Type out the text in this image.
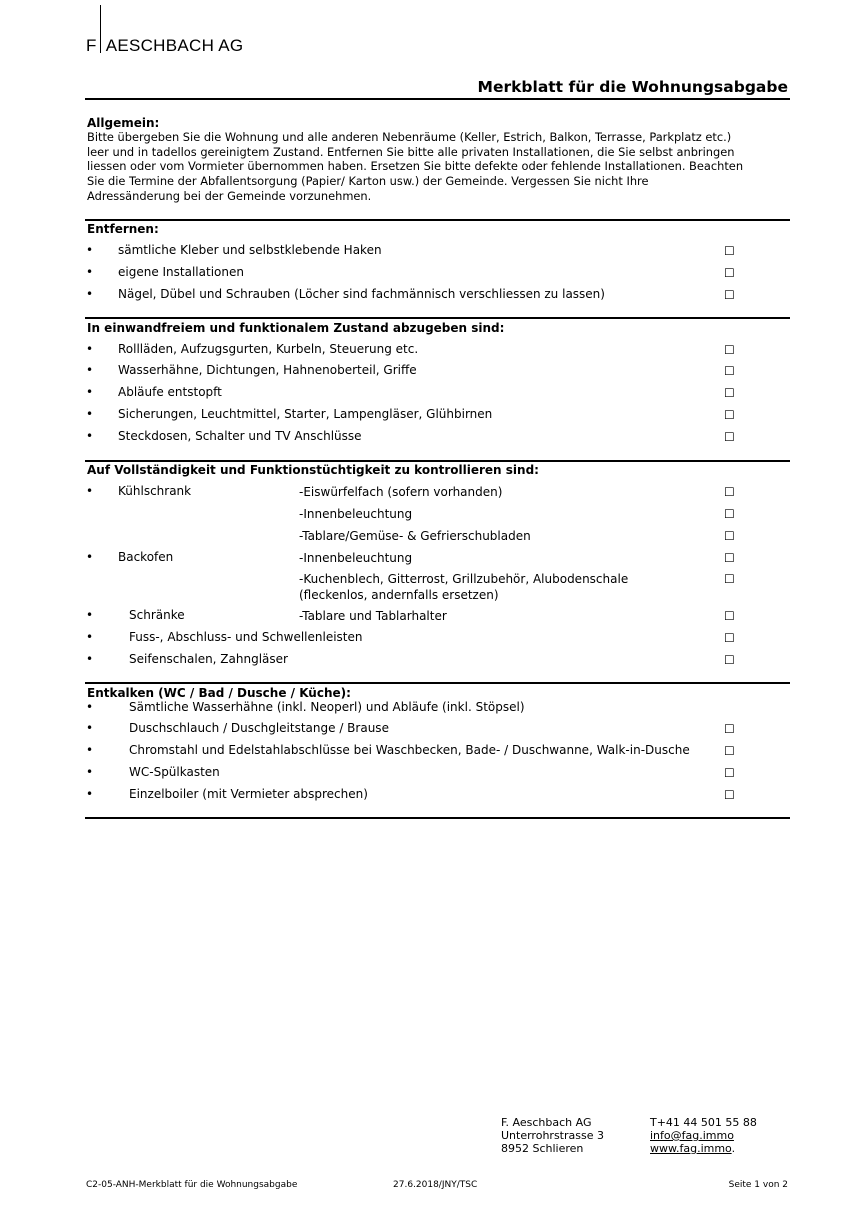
F AESCHBACH AG
Merkblatt für die Wohnungsabgabe
Allgemein:
Bitte übergeben Sie die Wohnung und alle anderen Nebenräume (Keller, Estrich, Balkon, Terrasse, Parkplatz etc.)
leer und in tadellos gereinigtem Zustand. Entfernen Sie bitte alle privaten Installationen, die Sie selbst anbringen
liessen oder vom Vormieter übernommen haben. Ersetzen Sie bitte defekte oder fehlende Installationen. Beachten
Sie die Termine der Abfallentsorgung (Papier/ Karton usw.) der Gemeinde. Vergessen Sie nicht Ihre
Adressänderung bei der Gemeinde vorzunehmen.
Entfernen:
• sämtliche Kleber und selbstklebende Haken	☐
• eigene Installationen	☐
• Nägel, Dübel und Schrauben (Löcher sind fachmännisch verschliessen zu lassen)	☐
In einwandfreiem und funktionalem Zustand abzugeben sind:
• Rollläden, Aufzugsgurten, Kurbeln, Steuerung etc.	☐
• Wasserhähne, Dichtungen, Hahnenoberteil, Griffe	☐
• Abläufe entstopft	☐
• Sicherungen, Leuchtmittel, Starter, Lampengläser, Glühbirnen	☐
• Steckdosen, Schalter und TV Anschlüsse	☐
Auf Vollständigkeit und Funktionstüchtigkeit zu kontrollieren sind:
• Kühlschrank	-Eiswürfelfach (sofern vorhanden)	☐
-Innenbeleuchtung	☐
-Tablare/Gemüse- & Gefrierschubladen	☐
• Backofen	-Innenbeleuchtung	☐
-Kuchenblech, Gitterrost, Grillzubehör, Alubodenschale
(fleckenlos, andernfalls ersetzen)
☐
•	Schränke	-Tablare und Tablarhalter	☐
•	Fuss-, Abschluss- und Schwellenleisten	☐
•	Seifenschalen, Zahngläser	☐
Entkalken (WC / Bad / Dusche / Küche):
•	Sämtliche Wasserhähne (inkl. Neoperl) und Abläufe (inkl. Stöpsel)
•	Duschschlauch / Duschgleitstange / Brause	☐
•	Chromstahl und Edelstahlabschlüsse bei Waschbecken, Bade- / Duschwanne, Walk-in-Dusche	☐
•	WC-Spülkasten	☐
•	Einzelboiler (mit Vermieter absprechen)	☐
F. Aeschbach AG
Unterrohrstrasse 3
8952 Schlieren
T+41 44 501 55 88
info@fag.immo
www.fag.immo.
C2-05-ANH-Merkblatt für die Wohnungsabgabe	27.6.2018/JNY/TSC	Seite 1 von 2
